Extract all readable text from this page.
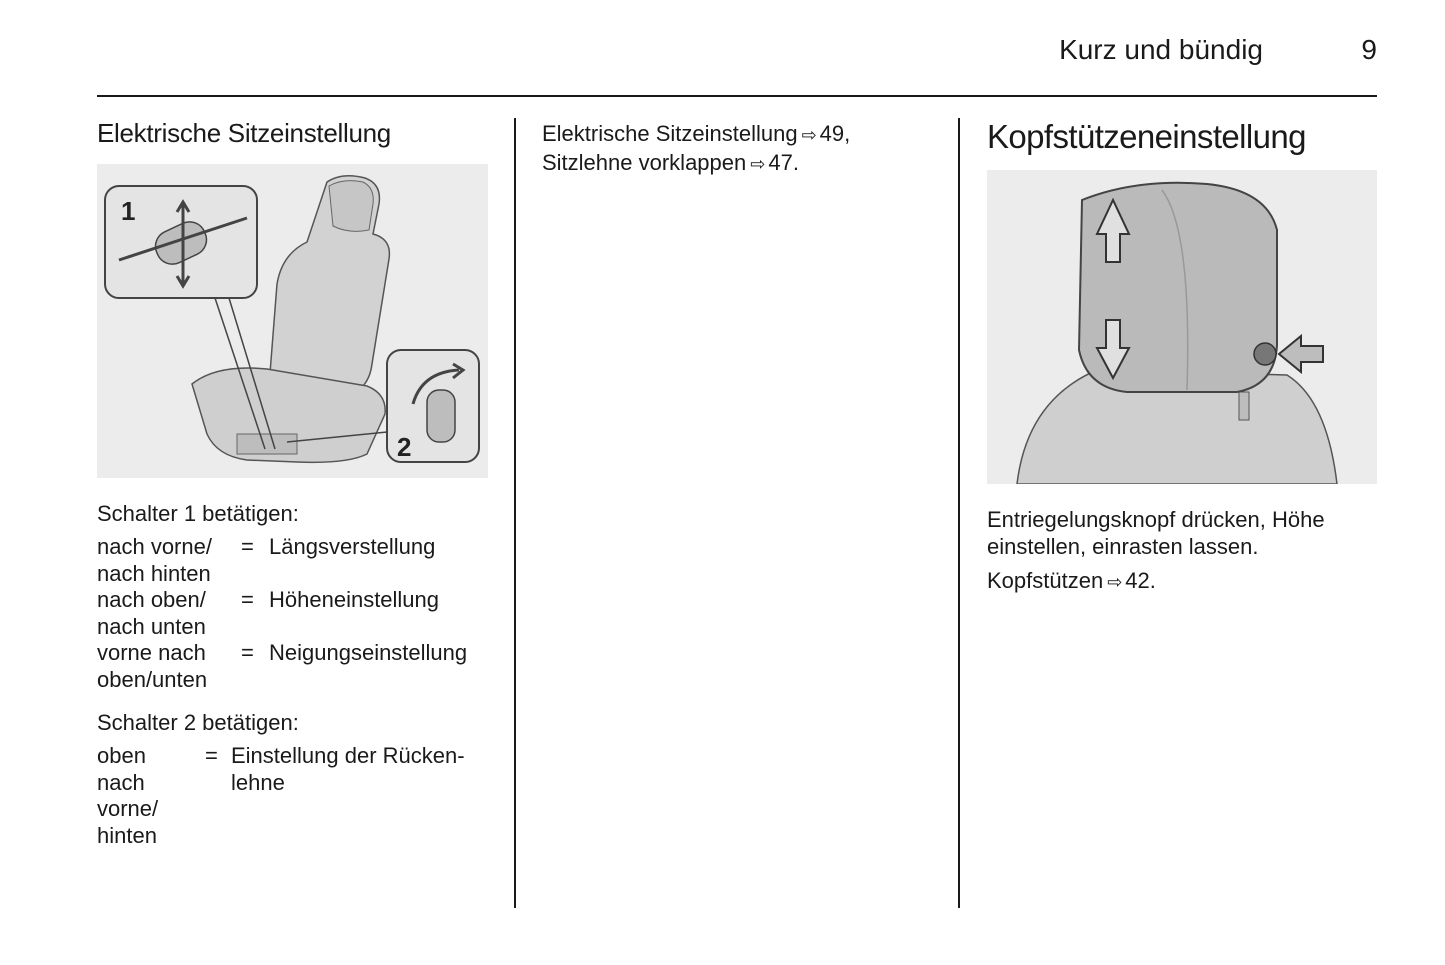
Kurz und bündig	9
Elektrische Sitzeinstellung
1
2

Schalter 1 betätigen:

nach vorne/ nach hinten	=	Längsverstellung
nach oben/ nach unten	=	Höheneinstellung
vorne nach oben/unten	=	Neigungseinstellung

Schalter 2 betätigen:

oben nach vorne/ hinten	=	Einstellung der Rücken-lehne
Elektrische Sitzeinstellung ⇨ 49,
Sitzlehne vorklappen ⇨ 47.
Kopfstützeneinstellung

Entriegelungsknopf drücken, Höhe einstellen, einrasten lassen.

Kopfstützen ⇨ 42.
